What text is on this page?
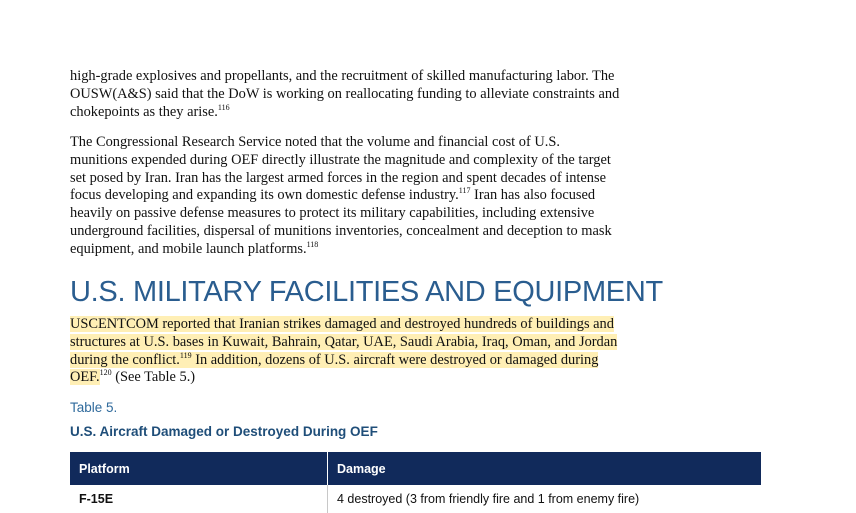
high-grade explosives and propellants, and the recruitment of skilled manufacturing labor. The OUSW(A&S) said that the DoW is working on reallocating funding to alleviate constraints and chokepoints as they arise.$^{116}$

The Congressional Research Service noted that the volume and financial cost of U.S. munitions expended during OEF directly illustrate the magnitude and complexity of the target set posed by Iran. Iran has the largest armed forces in the region and spent decades of intense focus developing and expanding its own domestic defense industry.$^{117}$ Iran has also focused heavily on passive defense measures to protect its military capabilities, including extensive underground facilities, dispersal of munitions inventories, concealment and deception to mask equipment, and mobile launch platforms.$^{118}$

U.S. MILITARY FACILITIES AND EQUIPMENT

USCENTCOM reported that Iranian strikes damaged and destroyed hundreds of buildings and structures at U.S. bases in Kuwait, Bahrain, Qatar, UAE, Saudi Arabia, Iraq, Oman, and Jordan during the conflict.$^{119}$ In addition, dozens of U.S. aircraft were destroyed or damaged during OEF.$^{120}$ (See Table 5.)

Table 5.
U.S. Aircraft Damaged or Destroyed During OEF
Platform	Damage
F-15E	4 destroyed (3 from friendly fire and 1 from enemy fire)
